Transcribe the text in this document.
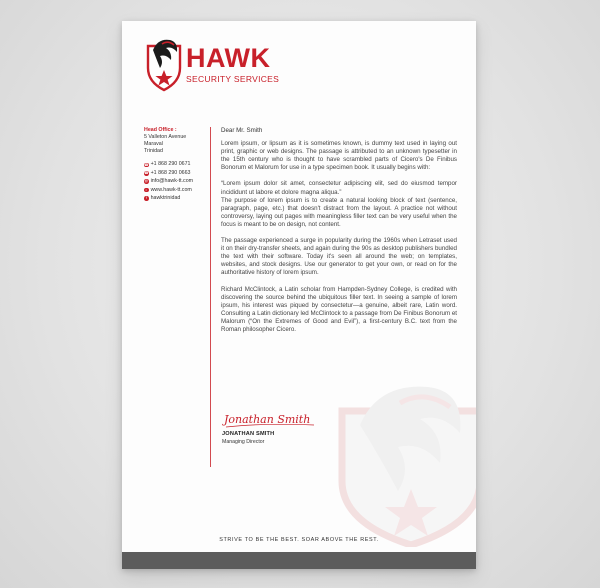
HAWK
SECURITY SERVICES
Head Office :
5 Valleton Avenue
Maraval
Trinidad
☎ +1 868 290 0671
☎ +1 868 290 0663
@ info@hawk-tt.com
○ www.hawk-tt.com
f hawktrinidad

Dear Mr. Smith

Lorem ipsum, or lipsum as it is sometimes known, is dummy text used in laying out print, graphic or web designs. The passage is attributed to an unknown typesetter in the 15th century who is thought to have scrambled parts of Cicero's De Finibus Bonorum et Malorum for use in a type specimen book. It usually begins with:

“Lorem ipsum dolor sit amet, consectetur adipiscing elit, sed do eiusmod tempor incididunt ut labore et dolore magna aliqua.”

The purpose of lorem ipsum is to create a natural looking block of text (sentence, paragraph, page, etc.) that doesn't distract from the layout. A practice not without controversy, laying out pages with meaningless filler text can be very useful when the focus is meant to be on design, not content.

The passage experienced a surge in popularity during the 1960s when Letraset used it on their dry-transfer sheets, and again during the 90s as desktop publishers bundled the text with their software. Today it's seen all around the web; on templates, websites, and stock designs. Use our generator to get your own, or read on for the authoritative history of lorem ipsum.

Richard McClintock, a Latin scholar from Hampden-Sydney College, is credited with discovering the source behind the ubiquitous filler text. In seeing a sample of lorem ipsum, his interest was piqued by consectetur—a genuine, albeit rare, Latin word. Consulting a Latin dictionary led McClintock to a passage from De Finibus Bonorum et Malorum (“On the Extremes of Good and Evil”), a first-century B.C. text from the Roman philosopher Cicero.

Jonathan Smith
JONATHAN SMITH
Managing Director
STRIVE TO BE THE BEST. SOAR ABOVE THE REST.
